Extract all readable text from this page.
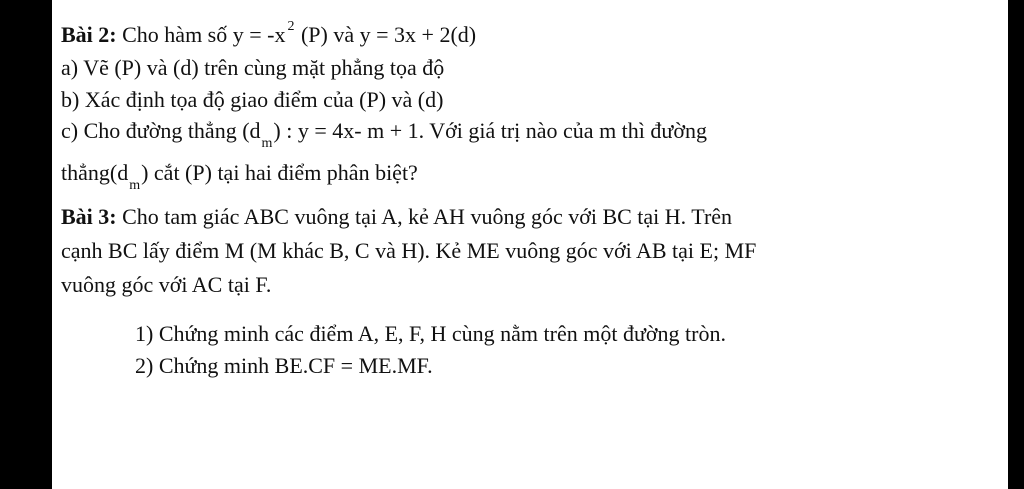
Bài 2: Cho hàm số y = -x $^2$ (P) và y = 3x + 2(d)
a) Vẽ (P) và (d) trên cùng mặt phẳng tọa độ
b) Xác định tọa độ giao điểm của (P) và (d)
c) Cho đường thẳng $(d_m)$ : y = 4x- m + 1. Với giá trị nào của m thì đường
$thẳng(d_m)$ cắt (P) tại hai điểm phân biệt?
Bài 3: Cho tam giác ABC vuông tại A, kẻ AH vuông góc với BC tại H. Trên
cạnh BC lấy điểm M (M khác B, C và H). Kẻ ME vuông góc với AB tại E; MF
vuông góc với AC tại F.
1) Chứng minh các điểm A, E, F, H cùng nằm trên một đường tròn.
2) Chứng minh BE.CF = ME.MF.
